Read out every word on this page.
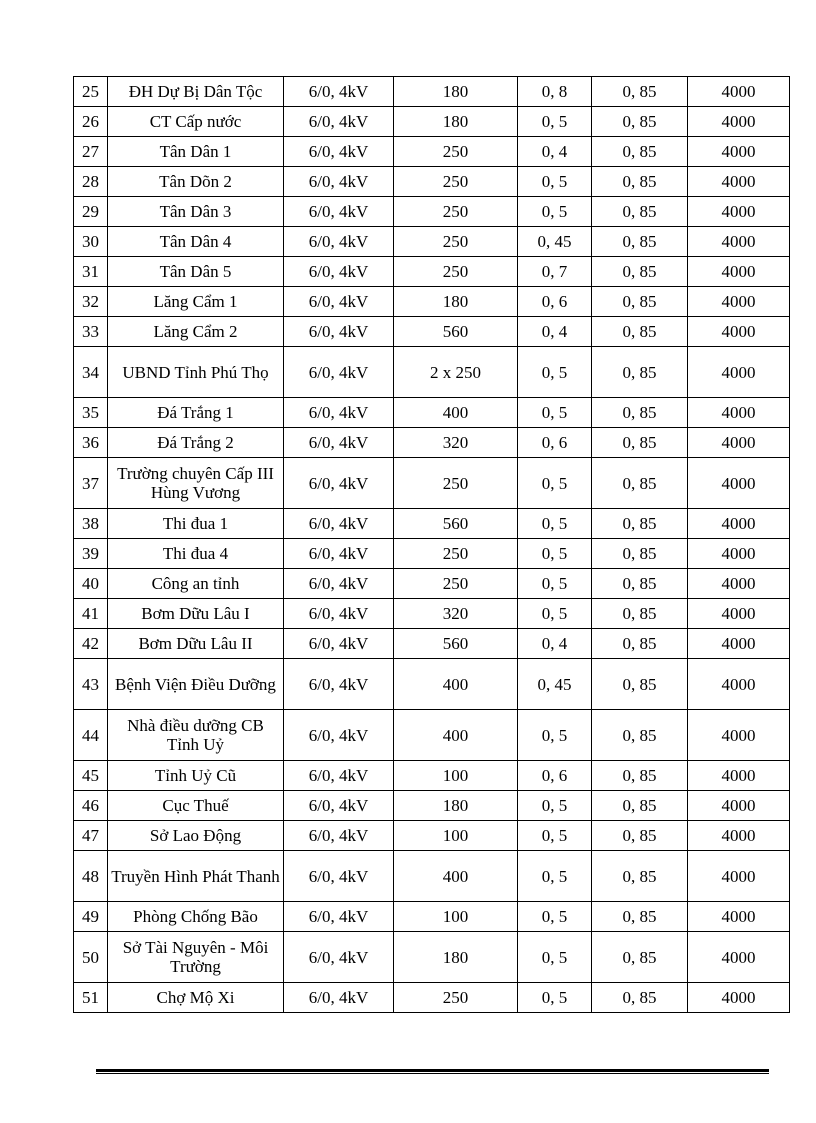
25	ĐH Dự Bị Dân Tộc	6/0, 4kV	180	0, 8	0, 85	4000
26	CT Cấp nước	6/0, 4kV	180	0, 5	0, 85	4000
27	Tân Dân 1	6/0, 4kV	250	0, 4	0, 85	4000
28	Tân Dõn 2	6/0, 4kV	250	0, 5	0, 85	4000
29	Tân Dân 3	6/0, 4kV	250	0, 5	0, 85	4000
30	Tân Dân 4	6/0, 4kV	250	0, 45	0, 85	4000
31	Tân Dân 5	6/0, 4kV	250	0, 7	0, 85	4000
32	Lăng Cẩm 1	6/0, 4kV	180	0, 6	0, 85	4000
33	Lăng Cẩm 2	6/0, 4kV	560	0, 4	0, 85	4000
34	UBND Tỉnh Phú Thọ	6/0, 4kV	2 x 250	0, 5	0, 85	4000
35	Đá Trắng 1	6/0, 4kV	400	0, 5	0, 85	4000
36	Đá Trắng 2	6/0, 4kV	320	0, 6	0, 85	4000
37	Trường chuyên Cấp III Hùng Vương	6/0, 4kV	250	0, 5	0, 85	4000
38	Thi đua 1	6/0, 4kV	560	0, 5	0, 85	4000
39	Thi đua 4	6/0, 4kV	250	0, 5	0, 85	4000
40	Công an tỉnh	6/0, 4kV	250	0, 5	0, 85	4000
41	Bơm Dữu Lâu I	6/0, 4kV	320	0, 5	0, 85	4000
42	Bơm Dữu Lâu II	6/0, 4kV	560	0, 4	0, 85	4000
43	Bệnh Viện Điều Dưỡng	6/0, 4kV	400	0, 45	0, 85	4000
44	Nhà điều dưỡng CB Tỉnh Uỷ	6/0, 4kV	400	0, 5	0, 85	4000
45	Tỉnh Uỷ Cũ	6/0, 4kV	100	0, 6	0, 85	4000
46	Cục Thuế	6/0, 4kV	180	0, 5	0, 85	4000
47	Sở Lao Động	6/0, 4kV	100	0, 5	0, 85	4000
48	Truyền Hình Phát Thanh	6/0, 4kV	400	0, 5	0, 85	4000
49	Phòng Chống Bão	6/0, 4kV	100	0, 5	0, 85	4000
50	Sở Tài Nguyên - Môi Trường	6/0, 4kV	180	0, 5	0, 85	4000
51	Chợ Mộ Xi	6/0, 4kV	250	0, 5	0, 85	4000
